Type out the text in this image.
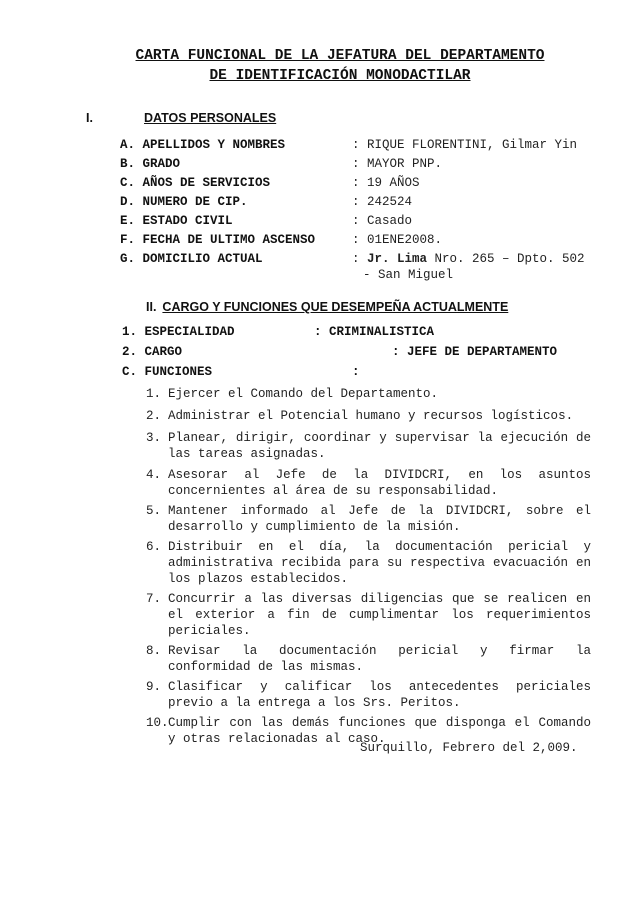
CARTA FUNCIONAL DE LA JEFATURA DEL DEPARTAMENTO
DE IDENTIFICACIÓN MONODACTILAR
I.	DATOS PERSONALES
A. APELLIDOS Y NOMBRES	: RIQUE FLORENTINI, Gilmar Yin
B. GRADO	: MAYOR PNP.
C. AÑOS DE SERVICIOS	: 19 AÑOS
D. NUMERO DE CIP.	: 242524
E. ESTADO CIVIL	: Casado
F. FECHA DE ULTIMO ASCENSO	: 01ENE2008.
G. DOMICILIO ACTUAL	: Jr. Lima Nro. 265 – Dpto. 502
- San Miguel
II. CARGO Y FUNCIONES QUE DESEMPEÑA ACTUALMENTE
1. ESPECIALIDAD	: CRIMINALISTICA
2. CARGO	: JEFE DE DEPARTAMENTO
C. FUNCIONES	:
1. Ejercer el Comando del Departamento.
2. Administrar el Potencial humano y recursos logísticos.
3. Planear, dirigir, coordinar y supervisar la ejecución de las tareas asignadas.
4. Asesorar al Jefe de la DIVIDCRI, en los asuntos concernientes al área de su responsabilidad.
5. Mantener informado al Jefe de la DIVIDCRI, sobre el desarrollo y cumplimiento de la misión.
6. Distribuir en el día, la documentación pericial y administrativa recibida para su respectiva evacuación en los plazos establecidos.
7. Concurrir a las diversas diligencias que se realicen en el exterior a fin de cumplimentar los requerimientos periciales.
8. Revisar la documentación pericial y firmar la conformidad de las mismas.
9. Clasificar y calificar los antecedentes periciales previo a la entrega a los Srs. Peritos.
10. Cumplir con las demás funciones que disponga el Comando y otras relacionadas al caso.
Surquillo, Febrero del 2,009.
